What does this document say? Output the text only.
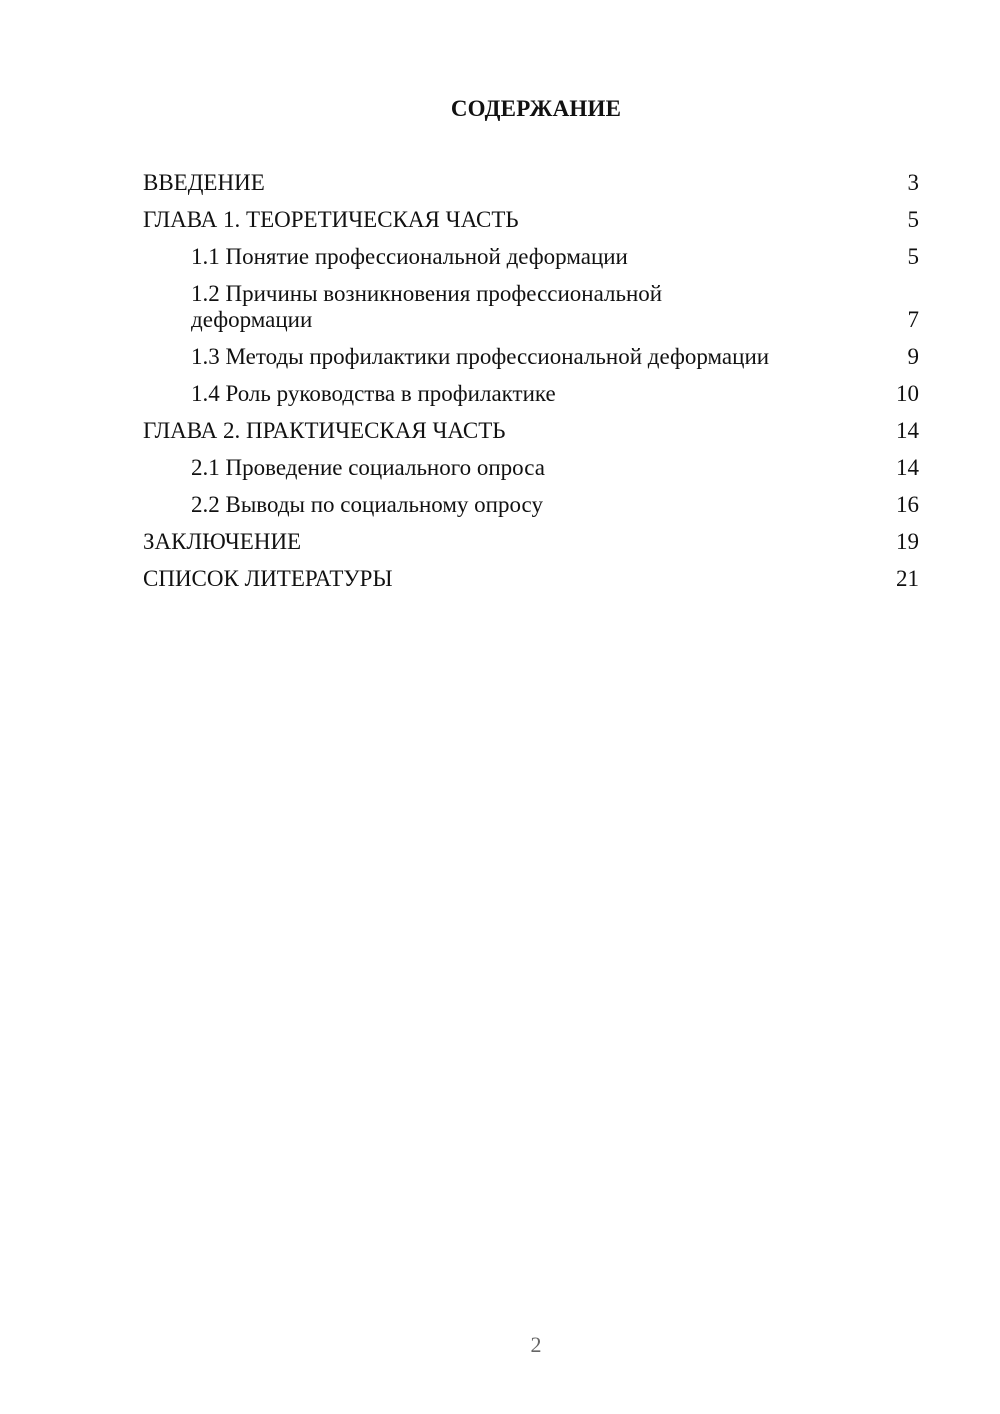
СОДЕРЖАНИЕ
ВВЕДЕНИЕ	3
ГЛАВА 1. ТЕОРЕТИЧЕСКАЯ ЧАСТЬ	5
1.1 Понятие профессиональной деформации	5
1.2 Причины возникновения профессиональной деформации	7
1.3 Методы профилактики профессиональной деформации	9
1.4 Роль руководства в профилактике	10
ГЛАВА 2. ПРАКТИЧЕСКАЯ ЧАСТЬ	14
2.1 Проведение социального опроса	14
2.2 Выводы по социальному опросу	16
ЗАКЛЮЧЕНИЕ	19
СПИСОК ЛИТЕРАТУРЫ	21
2
